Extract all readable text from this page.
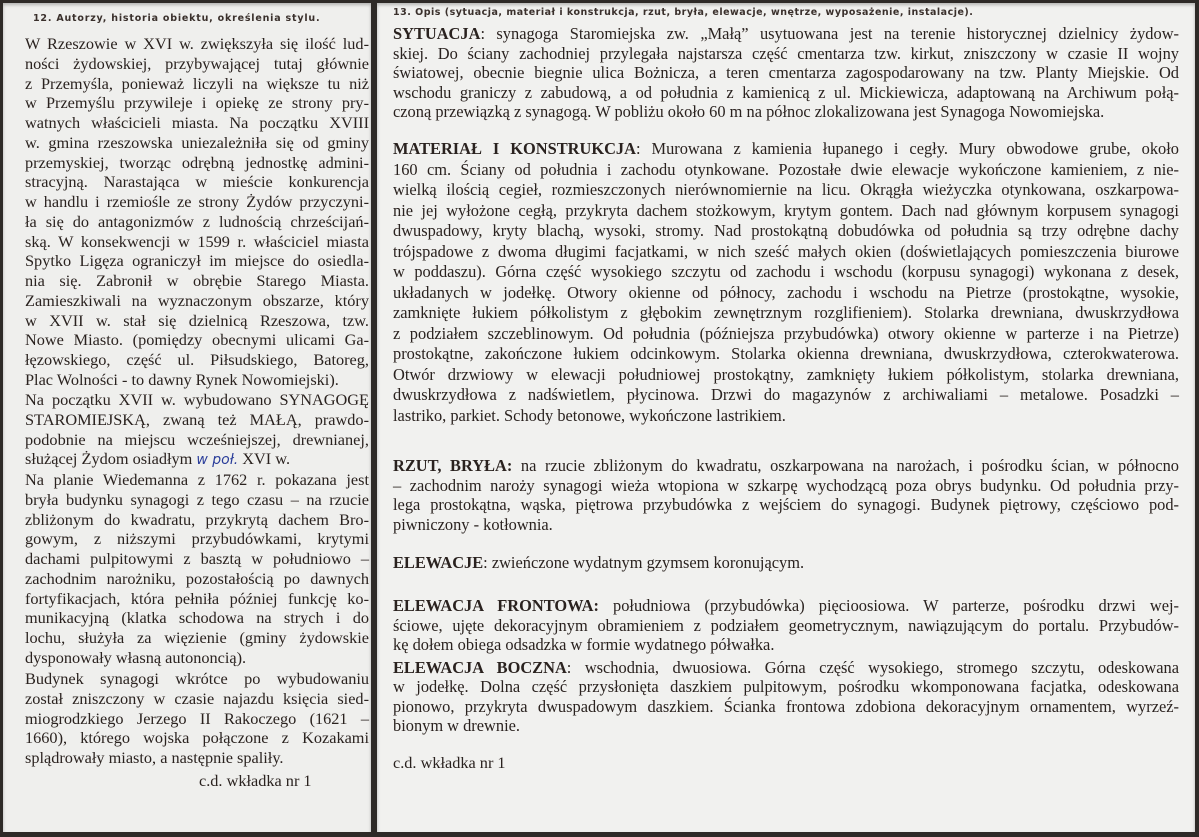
12. Autorzy, historia obiektu, określenia stylu.
W Rzeszowie w XVI w. zwiększyła się ilość lud-
ności żydowskiej, przybywającej tutaj głównie
z Przemyśla, ponieważ liczyli na większe tu niż
w Przemyślu przywileje i opiekę ze strony pry-
watnych właścicieli miasta. Na początku XVIII
w. gmina rzeszowska uniezależniła się od gminy
przemyskiej, tworząc odrębną jednostkę admini-
stracyjną. Narastająca w mieście konkurencja
w handlu i rzemiośle ze strony Żydów przyczyni-
ła się do antagonizmów z ludnością chrześcijań-
ską. W konsekwencji w 1599 r. właściciel miasta
Spytko Ligęza ograniczył im miejsce do osiedla-
nia się. Zabronił w obrębie Starego Miasta.
Zamieszkiwali na wyznaczonym obszarze, który
w XVII w. stał się dzielnicą Rzeszowa, tzw.
Nowe Miasto. (pomiędzy obecnymi ulicami Ga-
łęzowskiego, część ul. Piłsudskiego, Batoreg,
Plac Wolności - to dawny Rynek Nowomiejski).
Na początku XVII w. wybudowano SYNAGOGĘ
STAROMIEJSKĄ, zwaną też MAŁĄ, prawdo-
podobnie na miejscu wcześniejszej, drewnianej,
służącej Żydom osiadłym w poł. XVI w.
Na planie Wiedemanna z 1762 r. pokazana jest
bryła budynku synagogi z tego czasu – na rzucie
zbliżonym do kwadratu, przykrytą dachem Bro-
gowym, z niższymi przybudówkami, krytymi
dachami pulpitowymi z basztą w południowo –
zachodnim narożniku, pozostałością po dawnych
fortyfikacjach, która pełniła później funkcję ko-
munikacyjną (klatka schodowa na strych i do
lochu, służyła za więzienie (gminy żydowskie
dysponowały własną autononcią).
Budynek synagogi wkrótce po wybudowaniu
został zniszczony w czasie najazdu księcia sied-
miogrodzkiego Jerzego II Rakoczego (1621 –
1660), którego wojska połączone z Kozakami
splądrowały miasto, a następnie spaliły.
c.d. wkładka nr 1
13. Opis (sytuacja, materiał i konstrukcja, rzut, bryła, elewacje, wnętrze, wyposażenie, instalacje).
SYTUACJA: synagoga Staromiejska zw. „Małą” usytuowana jest na terenie historycznej dzielnicy żydow-
skiej. Do ściany zachodniej przylegała najstarsza część cmentarza tzw. kirkut, zniszczony w czasie II wojny
światowej, obecnie biegnie ulica Bożnicza, a teren cmentarza zagospodarowany na tzw. Planty Miejskie. Od
wschodu graniczy z zabudową, a od południa z kamienicą z ul. Mickiewicza, adaptowaną na Archiwum połą-
czoną przewiązką z synagogą. W pobliżu około 60 m na północ zlokalizowana jest Synagoga Nowomiejska.
MATERIAŁ I KONSTRUKCJA: Murowana z kamienia łupanego i cegły. Mury obwodowe grube, około
160 cm. Ściany od południa i zachodu otynkowane. Pozostałe dwie elewacje wykończone kamieniem, z nie-
wielką ilością cegieł, rozmieszczonych nierównomiernie na licu. Okrągła wieżyczka otynkowana, oszkarpowa-
nie jej wyłożone cegłą, przykryta dachem stożkowym, krytym gontem. Dach nad głównym korpusem synagogi
dwuspadowy, kryty blachą, wysoki, stromy. Nad prostokątną dobudówka od południa są trzy odrębne dachy
trójspadowe z dwoma długimi facjatkami, w nich sześć małych okien (doświetlających pomieszczenia biurowe
w poddaszu). Górna część wysokiego szczytu od zachodu i wschodu (korpusu synagogi) wykonana z desek,
układanych w jodełkę. Otwory okienne od północy, zachodu i wschodu na Pietrze (prostokątne, wysokie,
zamknięte łukiem półkolistym z głębokim zewnętrznym rozglifieniem). Stolarka drewniana, dwuskrzydłowa
z podziałem szczeblinowym. Od południa (późniejsza przybudówka) otwory okienne w parterze i na Pietrze)
prostokątne, zakończone łukiem odcinkowym. Stolarka okienna drewniana, dwuskrzydłowa, czterokwaterowa.
Otwór drzwiowy w elewacji południowej prostokątny, zamknięty łukiem półkolistym, stolarka drewniana,
dwuskrzydłowa z nadświetlem, płycinowa. Drzwi do magazynów z archiwaliami – metalowe. Posadzki –
lastriko, parkiet. Schody betonowe, wykończone lastrikiem.
RZUT, BRYŁA: na rzucie zbliżonym do kwadratu, oszkarpowana na narożach, i pośrodku ścian, w północno
– zachodnim naroży synagogi wieża wtopiona w szkarpę wychodzącą poza obrys budynku. Od południa przy-
lega prostokątna, wąska, piętrowa przybudówka z wejściem do synagogi. Budynek piętrowy, częściowo pod-
piwniczony - kotłownia.
ELEWACJE: zwieńczone wydatnym gzymsem koronującym.
ELEWACJA FRONTOWA: południowa (przybudówka) pięcioosiowa. W parterze, pośrodku drzwi wej-
ściowe, ujęte dekoracyjnym obramieniem z podziałem geometrycznym, nawiązującym do portalu. Przybudów-
kę dołem obiega odsadzka w formie wydatnego półwałka.
ELEWACJA BOCZNA: wschodnia, dwuosiowa. Górna część wysokiego, stromego szczytu, odeskowana
w jodełkę. Dolna część przysłonięta daszkiem pulpitowym, pośrodku wkomponowana facjatka, odeskowana
pionowo, przykryta dwuspadowym daszkiem. Ścianka frontowa zdobiona dekoracyjnym ornamentem, wyrzeź-
bionym w drewnie.
c.d. wkładka nr 1
